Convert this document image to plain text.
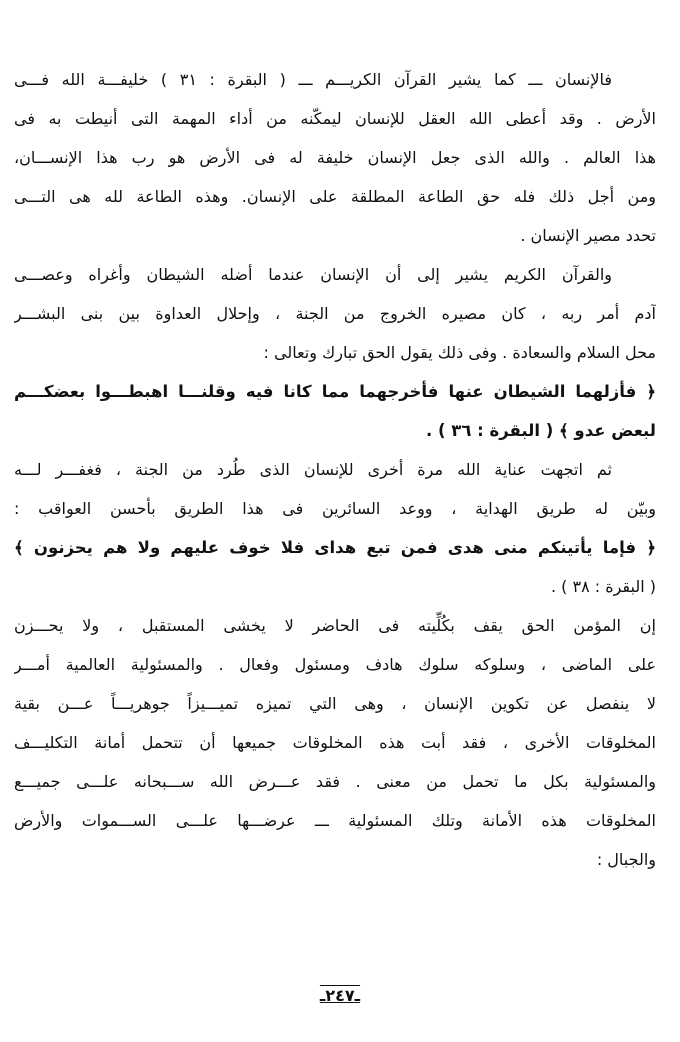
فالإنسان ـــ كما يشير القرآن الكريـــم ـــ ( البقرة : ٣١ ) خليفـــة الله فـــى
الأرض . وقد أعطى الله العقل للإنسان ليمكّنه من أداء المهمة التى أنيطت به فى
هذا العالم . والله الذى جعل الإنسان خليفة له فى الأرض هو رب هذا الإنســـان،
ومن أجل ذلك فله حق الطاعة المطلقة على الإنسان. وهذه الطاعة لله هى التـــى
تحدد مصير الإنسان .
والقرآن الكريم يشير إلى أن الإنسان عندما أضله الشيطان وأغراه وعصـــى
آدم أمر ربه ، كان مصيره الخروج من الجنة ، وإحلال العداوة بين بنى البشـــر
محل السلام والسعادة . وفى ذلك يقول الحق تبارك وتعالى :
﴿ فأزلهما الشيطان عنها فأخرجهما مما كانا فيه وقلنـــا اهبطـــوا بعضكـــم
لبعض عدو ﴾ ( البقرة : ٣٦ ) .
ثم اتجهت عناية الله مرة أخرى للإنسان الذى طُرد من الجنة ، فغفـــر لـــه
وبيّن له طريق الهداية ، ووعد السائرين فى هذا الطريق بأحسن العواقب :
﴿ فإما يأتينكم منى هدى فمن تبع هداى فلا خوف عليهم ولا هم يحزنون ﴾
( البقرة : ٣٨ ) .
إن المؤمن الحق يقف بكُلِّيته فى الحاضر لا يخشى المستقبل ، ولا يحـــزن
على الماضى ، وسلوكه سلوك هادف ومسئول وفعال . والمسئولية العالمية أمـــر
لا ينفصل عن تكوين الإنسان ، وهى التي تميزه تميـــيزاً جوهريـــاً عـــن بقية
المخلوقات الأخرى ، فقد أبت هذه المخلوقات جميعها أن تتحمل أمانة التكليـــف
والمسئولية بكل ما تحمل من معنى . فقد عـــرض الله ســـبحانه علـــى جميـــع
المخلوقات هذه الأمانة وتلك المسئولية ـــ عرضـــها علـــى الســـموات والأرض
والجبال :
ـ٢٤٧ـ
